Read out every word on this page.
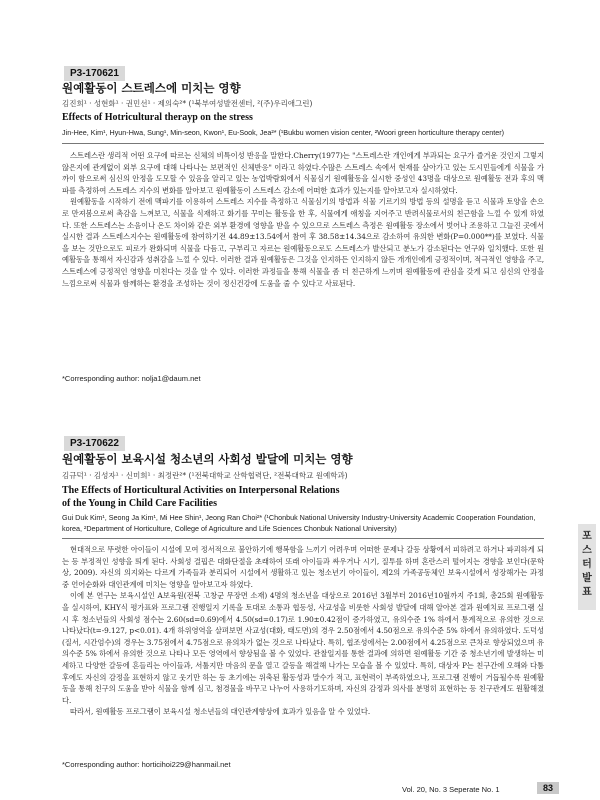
P3-170621
원예활동이 스트레스에 미치는 영향
김진희¹ · 성현화¹ · 권민선¹ · 제의숙²* (¹북부여성발전센터, ²(주)우리애그린)
Effects of Hotricultural therayp on the stress
Jin-Hee, Kim¹, Hyun-Hwa, Sung¹, Min-seon, Kwon¹, Eu-Sook, Jea²* (¹Bukbu women vision center, ²Woori green horticulture therapy center)

스트레스란 생리적 어떤 요구에 따르는 신체의 비특이성 반응을 말한다.Cherry(1977)는 "스트레스란 개인에게 부과되는 요구가 즐거운 것인지 그렇지 않은지에 관계없이 외부 요구에 대해 나타나는 보편적인 신체반응" 이라고 하였다.수많은 스트레스 속에서 현재를 살아가고 있는 도시민들에게 식물을 가까이 함으로써 심신의 안정을 도모할 수 있음을 알리고 있는 농업박람회에서 식물심기 원예활동을 실시한 중성인 43명을 대상으로 원예활동 전과 후의 맥파를 측정하여 스트레스 지수의 변화를 알아보고 원예활동이 스트레스 감소에 어떠한 효과가 있는지를 알아보고자 실시하였다.

원예활동을 시작하기 전에 맥파기를 이용하여 스트레스 지수를 측정하고 식물심기의 방법과 식물 기르기의 방법 등의 설명을 듣고 식물과 토양을 손으로 만져봄으로써 촉감을 느껴보고, 식물을 식재하고 화기를 꾸미는 활동을 한 후, 식물에게 애칭을 지어주고 반려식물로서의 친근함을 느낄 수 있게 하였다. 또한 스트레스는 소음이나 온도 차이와 같은 외부 환경에 영향을 받을 수 있으므로 스트레스 측정은 원예활동 장소에서 벗어나 조용하고 그늘진 곳에서 실시한 결과 스트레스지수는 원예활동에 참여하기전 44.89±13.54에서 참여 후 38.58±14.34으로 감소하여 유의한 변화(P=0.000**)를 보였다. 식물을 보는 것만으로도 피로가 완화되며 식물을 다듬고, 구부리고 자르는 원예활동으로도 스트레스가 발산되고 분노가 감소된다는 연구와 일치했다. 또한 원예활동을 통해서 자신감과 성취감을 느낄 수 있다. 이러한 결과 원예활동은 그것을 인지하든 인지하지 않든 개개인에게 긍정적이며, 적극적인 영향을 주고, 스트레스에 긍정적인 영향을 미친다는 것을 알 수 있다. 이러한 과정들을 통해 식물을 좀 더 친근하게 느끼며 원예활동에 관심을 갖게 되고 심신의 안정을 느낌으로써 식물과 함께하는 환경을 조성하는 것이 정신건강에 도움을 줄 수 있다고 사료된다.

*Corresponding author: nolja1@daum.net
P3-170622
원예활동이 보육시설 청소년의 사회성 발달에 미치는 영향
김규덕¹ · 김성자¹ · 신미희¹ · 최정란²* (¹전북대학교 산학협력단, ²전북대학교 원예학과)
The Effects of Horticultural Activities on Interpersonal Relations
of the Young in Child Care Facilities
Gui Duk Kim¹, Seong Ja Kim¹, Mi Hee Shin¹, Jeong Ran Choi²* (¹Chonbuk National University Industry-University Academic Cooperation Foundation, korea, ²Department of Horticulture, College of Agriculture and Life Sciences Chonbuk National University)

현대적으로 뚜렷한 아이들이 시설에 모여 정서적으로 불안하기에 행복함을 느끼기 어려우며 어떠한 문제나 갈등 상황에서 피하려고 하거나 파괴하게 되는 등 부정적인 성향을 띄게 된다. 사회성 결핍은 대화단절을 초래하여 또래 아이들과 싸우거나 시기, 질투를 하며 혼란스러 떨어지는 경향을 보인다(문학상, 2009). 자신의 의지와는 다르게 가족들과 분리되어 시설에서 생활하고 있는 청소년기 아이들이, 제2의 가족공동체인 보육시설에서 성장해가는 과정 중 언어순화와 대인관계에 미치는 영향을 알아보고자 하였다.

이에 본 연구는 보육시설인 A보육원(전북 고창군 무장면 소재) 4명의 청소년을 대상으로 2016년 3월부터 2016년10월까지 주1회, 총25회 원예활동을 실시하여, KHY식 평가표와 프로그램 진행일지 기록을 토대로 소통과 협동성, 사교성을 비롯한 사회성 발달에 대해 알아본 결과 원예치료 프로그램 실시 후 청소년들의 사회성 점수는 2.60(sd=0.69)에서 4.50(sd=0.17)로 1.90±0.42점이 증가하였고, 유의수준 1% 하에서 통계적으로 유의한 것으로 나타났다(t=-9.127, p<0.01). 4개 하위영역을 살펴보면 사교성(대화, 태도면)의 경우 2.50점에서 4.50점으로 유의수준 5% 하에서 유의하였다. 도덕성(질서, 시간엄수)의 경우는 3.75점에서 4.75점으로 유의차가 없는 것으로 나타났다. 특히, 협조성에서는 2.00점에서 4.25점으로 큰차로 향상되었으며 유의수준 5% 하에서 유의한 것으로 나타나 모든 영역에서 향상됨을 볼 수 있었다. 관찰일지를 통한 결과에 의하면 원예활동 기간 중 청소년기에 발생하는 미세하고 다양한 갈등에 흔들리는 아이들과, 서툴지만 마음의 문을 열고 갈등을 해결해 나가는 모습을 볼 수 있었다. 특히, 대상자 P는 친구간에 오해와 다툼 후에도 자신의 감정을 표현하지 않고 웃기만 하는 등 초기에는 위축된 활동성과 말수가 적고, 표현력이 부족하였으나, 프로그램 진행이 거듭될수록 원예활동을 통해 친구의 도움을 받아 식물을 함께 심고, 첨경물을 바꾸고 나누어 사용하기도하며, 자신의 감정과 의사를 분명히 표현하는 등 친구관계도 원활해졌다.

따라서, 원예활동 프로그램이 보육시설 청소년들의 대인관계향상에 효과가 있음을 알 수 있었다.

*Corresponding author: horticihoi229@hanmail.net
포
스
터
발
표
Vol. 20, No. 3 Seperate No. 1	83
